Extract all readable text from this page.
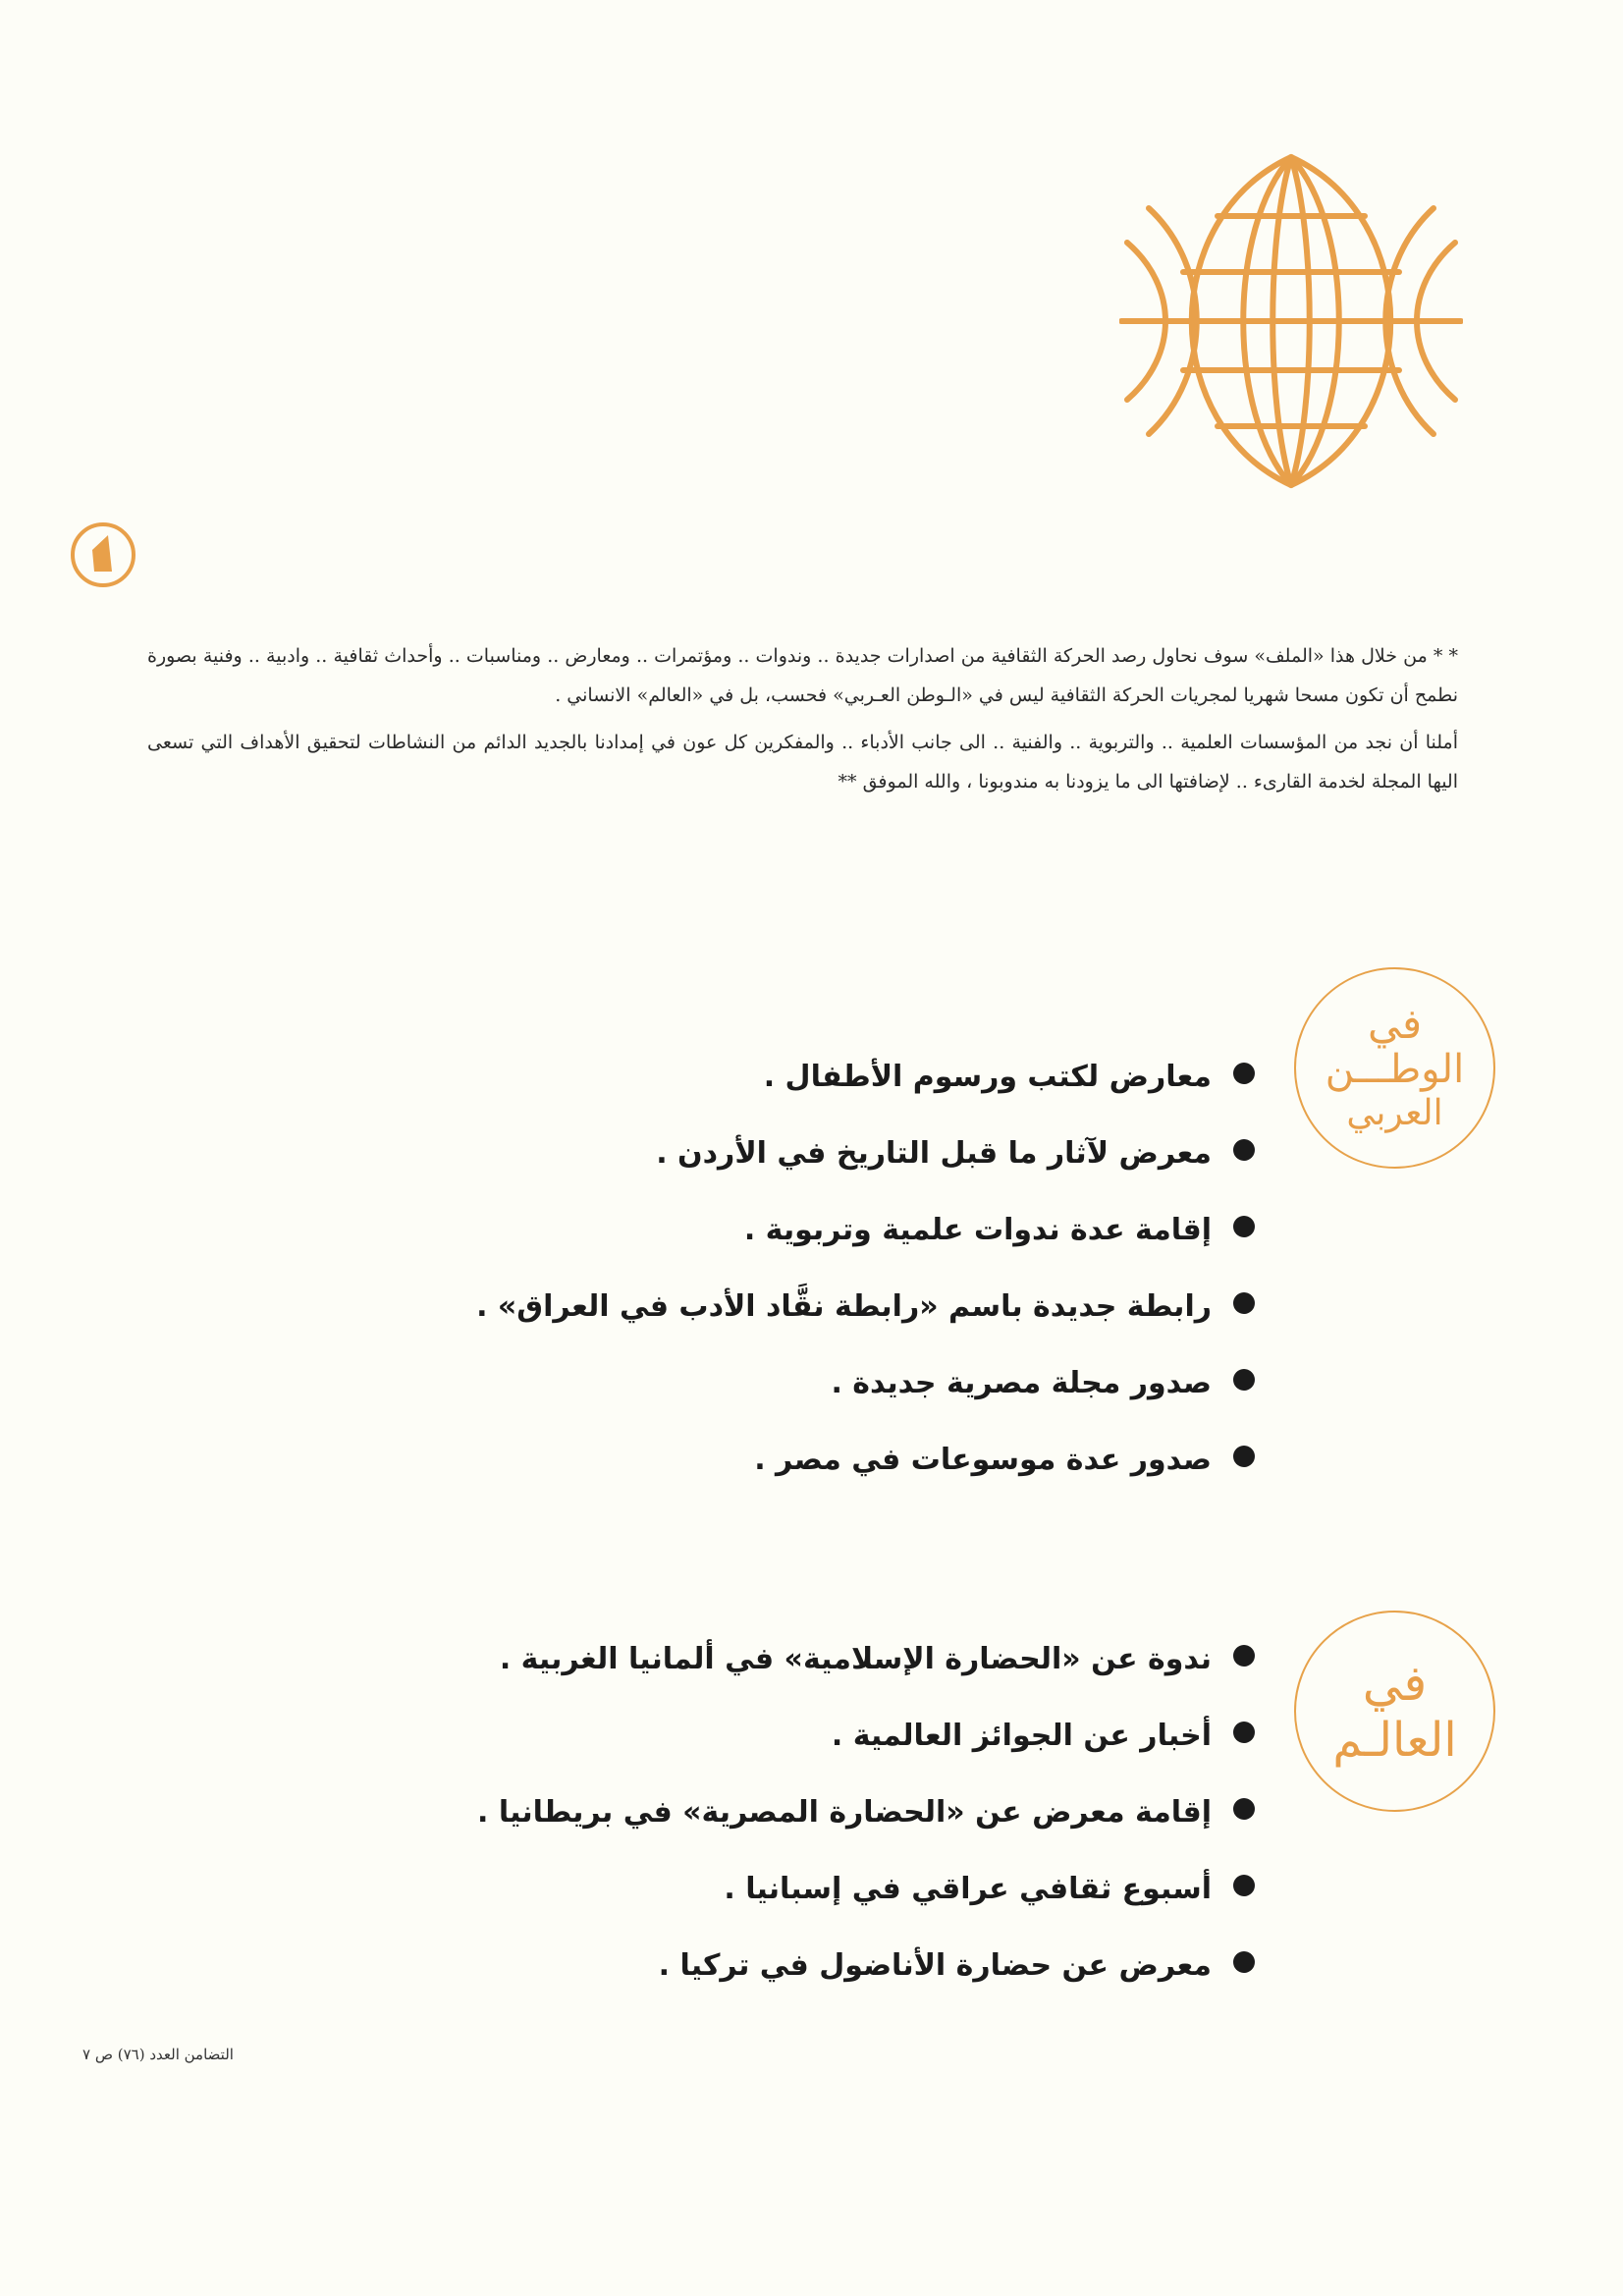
* * من خلال هذا «الملف» سوف نحاول رصد الحركة الثقافية من اصدارات جديدة .. وندوات .. ومؤتمرات .. ومعارض .. ومناسبات .. وأحداث ثقافية .. وادبية .. وفنية بصورة نطمح أن تكون مسحا شهريا لمجريات الحركة الثقافية ليس في «الـوطن العـربي» فحسب، بل في «العالم» الانساني .

أملنا أن نجد من المؤسسات العلمية .. والتربوية .. والفنية .. الى جانب الأدباء .. والمفكرين كل عون في إمدادنا بالجديد الدائم من النشاطات لتحقيق الأهداف التي تسعى اليها المجلة لخدمة القارىء .. لإضافتها الى ما يزودنا به مندوبونا ، والله الموفق **

في
الوطـــن
العربي
معارض لكتب ورسوم الأطفال .
معرض لآثار ما قبل التاريخ في الأردن .
إقامة عدة ندوات علمية وتربوية .
رابطة جديدة باسم «رابطة نقَّاد الأدب في العراق» .
صدور مجلة مصرية جديدة .
صدور عدة موسوعات في مصر .
في
العالـم
ندوة عن «الحضارة الإسلامية» في ألمانيا الغربية .
أخبار عن الجوائز العالمية .
إقامة معرض عن «الحضارة المصرية» في بريطانيا .
أسبوع ثقافي عراقي في إسبانيا .
معرض عن حضارة الأناضول في تركيا .
التضامن العدد (٧٦) ص ٧
